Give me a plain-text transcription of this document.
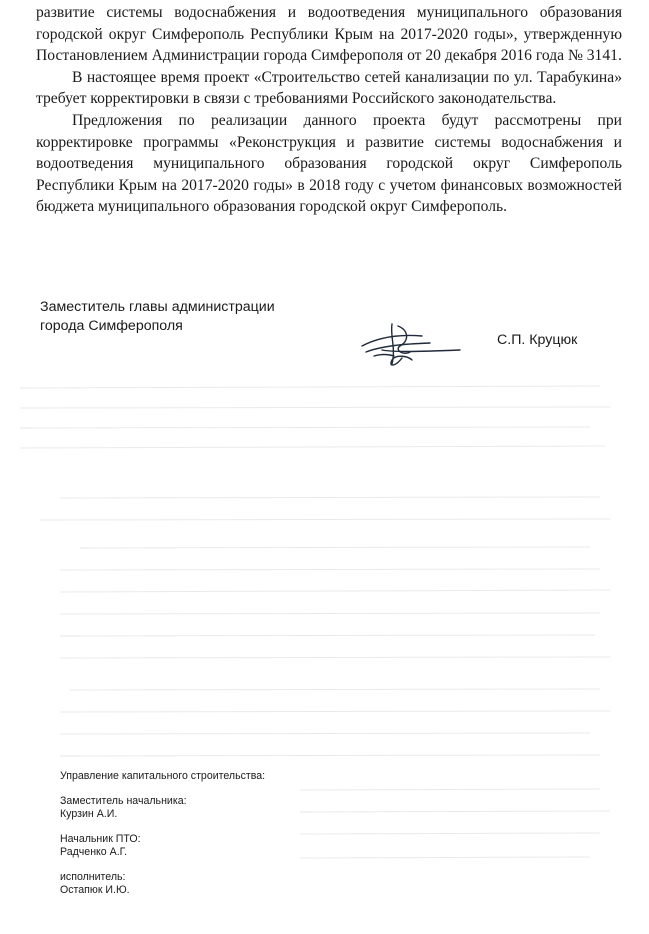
развитие системы водоснабжения и водоотведения муниципального образования городской округ Симферополь Республики Крым на 2017-2020 годы», утвержденную Постановлением Администрации города Симферополя от 20 декабря 2016 года № 3141.

В настоящее время проект «Строительство сетей канализации по ул. Тарабукина» требует корректировки в связи с требованиями Российского законодательства.

Предложения по реализации данного проекта будут рассмотрены при корректировке программы «Реконструкция и развитие системы водоснабжения и водоотведения муниципального образования городской округ Симферополь Республики Крым на 2017-2020 годы» в 2018 году с учетом финансовых возможностей бюджета муниципального образования городской округ Симферополь.

Заместитель главы администрации
города Симферополя
С.П. Круцюк
Управление капитального строительства:
Заместитель начальника:
Курзин А.И.
Начальник ПТО:
Радченко А.Г.
исполнитель:
Остапюк И.Ю.
